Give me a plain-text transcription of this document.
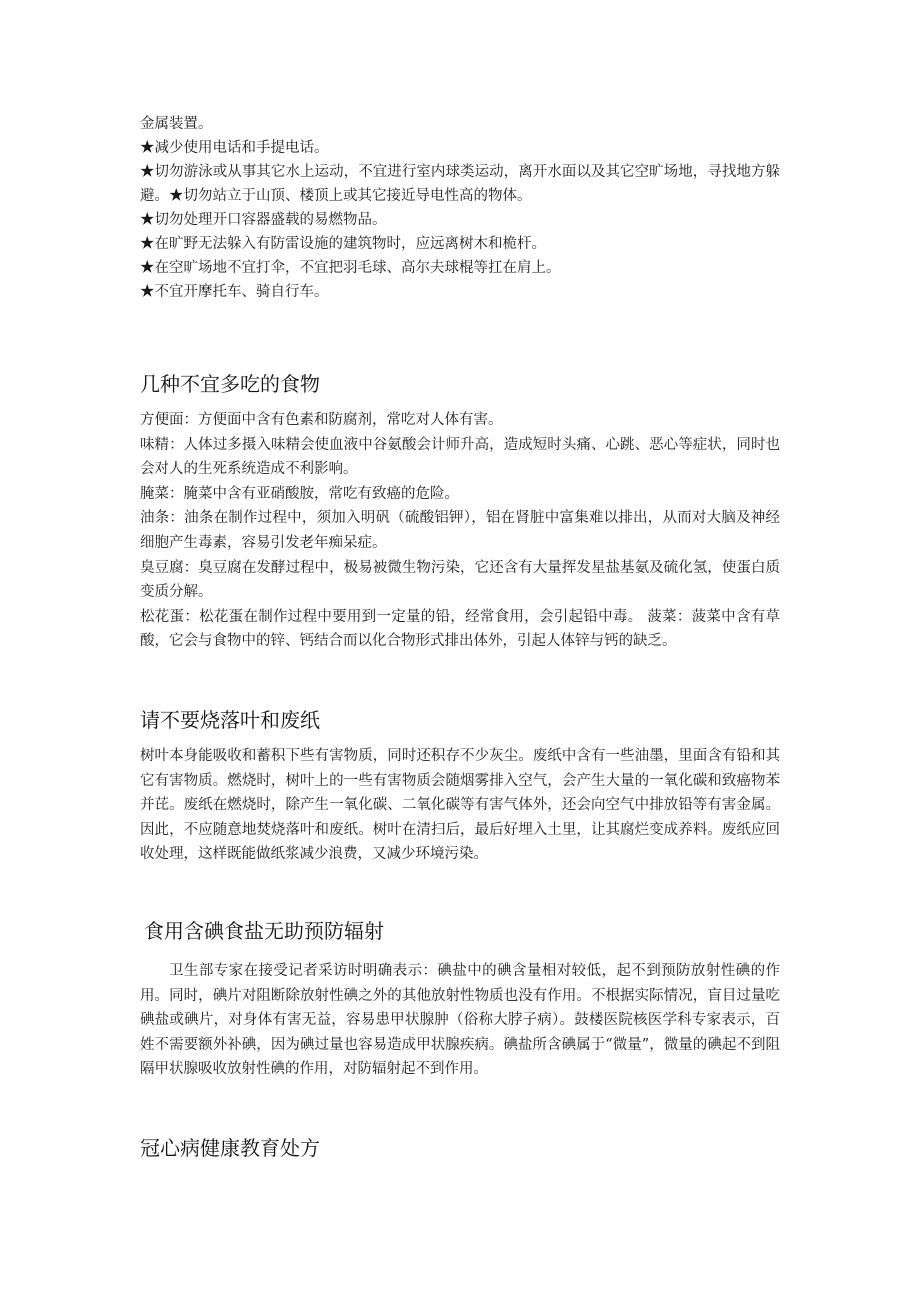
金属装置。

★减少使用电话和手提电话。

★切勿游泳或从事其它水上运动，不宜进行室内球类运动，离开水面以及其它空旷场地，寻找地方躲避。★切勿站立于山顶、楼顶上或其它接近导电性高的物体。

★切勿处理开口容器盛载的易燃物品。

★在旷野无法躲入有防雷设施的建筑物时，应远离树木和桅杆。

★在空旷场地不宜打伞，不宜把羽毛球、高尔夫球棍等扛在肩上。

★不宜开摩托车、骑自行车。

几种不宜多吃的食物

方便面：方便面中含有色素和防腐剂，常吃对人体有害。

味精：人体过多摄入味精会使血液中谷氨酸会计师升高，造成短时头痛、心跳、恶心等症状，同时也会对人的生死系统造成不利影响。

腌菜：腌菜中含有亚硝酸胺，常吃有致癌的危险。

油条：油条在制作过程中，须加入明矾（硫酸铝钾），铝在肾脏中富集难以排出，从而对大脑及神经细胞产生毒素，容易引发老年痴呆症。

臭豆腐：臭豆腐在发酵过程中，极易被微生物污染，它还含有大量挥发星盐基氨及硫化氢，使蛋白质变质分解。

松花蛋：松花蛋在制作过程中要用到一定量的铅，经常食用，会引起铅中毒。 菠菜：菠菜中含有草酸，它会与食物中的锌、钙结合而以化合物形式排出体外，引起人体锌与钙的缺乏。

请不要烧落叶和废纸

树叶本身能吸收和蓄积下些有害物质，同时还积存不少灰尘。废纸中含有一些油墨，里面含有铅和其它有害物质。燃烧时，树叶上的一些有害物质会随烟雾排入空气，会产生大量的一氧化碳和致癌物苯并芘。废纸在燃烧时，除产生一氧化碳、二氧化碳等有害气体外，还会向空气中排放铅等有害金属。因此，不应随意地焚烧落叶和废纸。树叶在清扫后，最后好埋入土里，让其腐烂变成养料。废纸应回收处理，这样既能做纸浆减少浪费，又减少环境污染。

食用含碘食盐无助预防辐射

卫生部专家在接受记者采访时明确表示：碘盐中的碘含量相对较低，起不到预防放射性碘的作用。同时，碘片对阻断除放射性碘之外的其他放射性物质也没有作用。不根据实际情况，盲目过量吃碘盐或碘片，对身体有害无益，容易患甲状腺肿（俗称大脖子病）。鼓楼医院核医学科专家表示，百姓不需要额外补碘，因为碘过量也容易造成甲状腺疾病。碘盐所含碘属于“微量”，微量的碘起不到阻隔甲状腺吸收放射性碘的作用，对防辐射起不到作用。

冠心病健康教育处方
